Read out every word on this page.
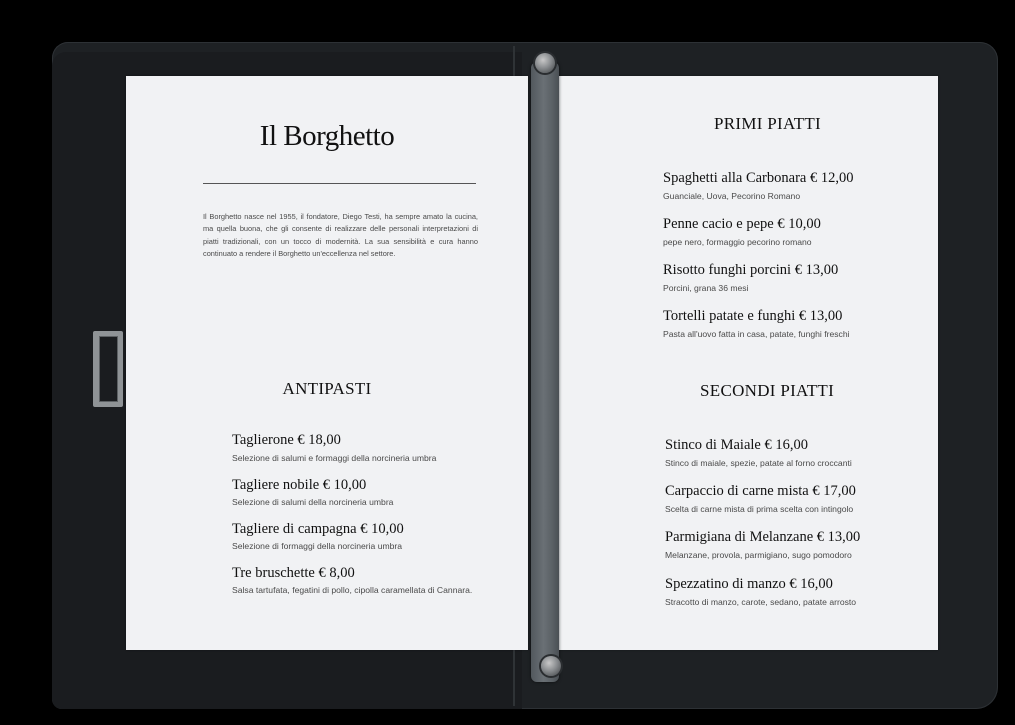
Il Borghetto
Il Borghetto nasce nel 1955, il fondatore, Diego Testi, ha sempre amato la cucina, ma quella buona, che gli consente di realizzare delle personali interpretazioni di piatti tradizionali, con un tocco di modernità. La sua sensibilità e cura hanno continuato a rendere il Borghetto un'eccellenza nel settore.
ANTIPASTI
Taglierone € 18,00
Selezione di salumi e formaggi della norcineria umbra
Tagliere nobile € 10,00
Selezione di salumi della norcineria umbra
Tagliere di campagna € 10,00
Selezione di formaggi della norcineria umbra
Tre bruschette € 8,00
Salsa tartufata, fegatini di pollo, cipolla caramellata di Cannara.
PRIMI PIATTI
Spaghetti alla Carbonara € 12,00
Guanciale, Uova, Pecorino Romano
Penne cacio e pepe € 10,00
pepe nero, formaggio pecorino romano
Risotto funghi porcini € 13,00
Porcini, grana 36 mesi
Tortelli patate e funghi € 13,00
Pasta all'uovo fatta in casa, patate, funghi freschi
SECONDI PIATTI
Stinco di Maiale € 16,00
Stinco di maiale, spezie, patate al forno croccanti
Carpaccio di carne mista € 17,00
Scelta di carne mista di prima scelta con intingolo
Parmigiana di Melanzane € 13,00
Melanzane, provola, parmigiano, sugo pomodoro
Spezzatino di manzo € 16,00
Stracotto di manzo, carote, sedano, patate arrosto
